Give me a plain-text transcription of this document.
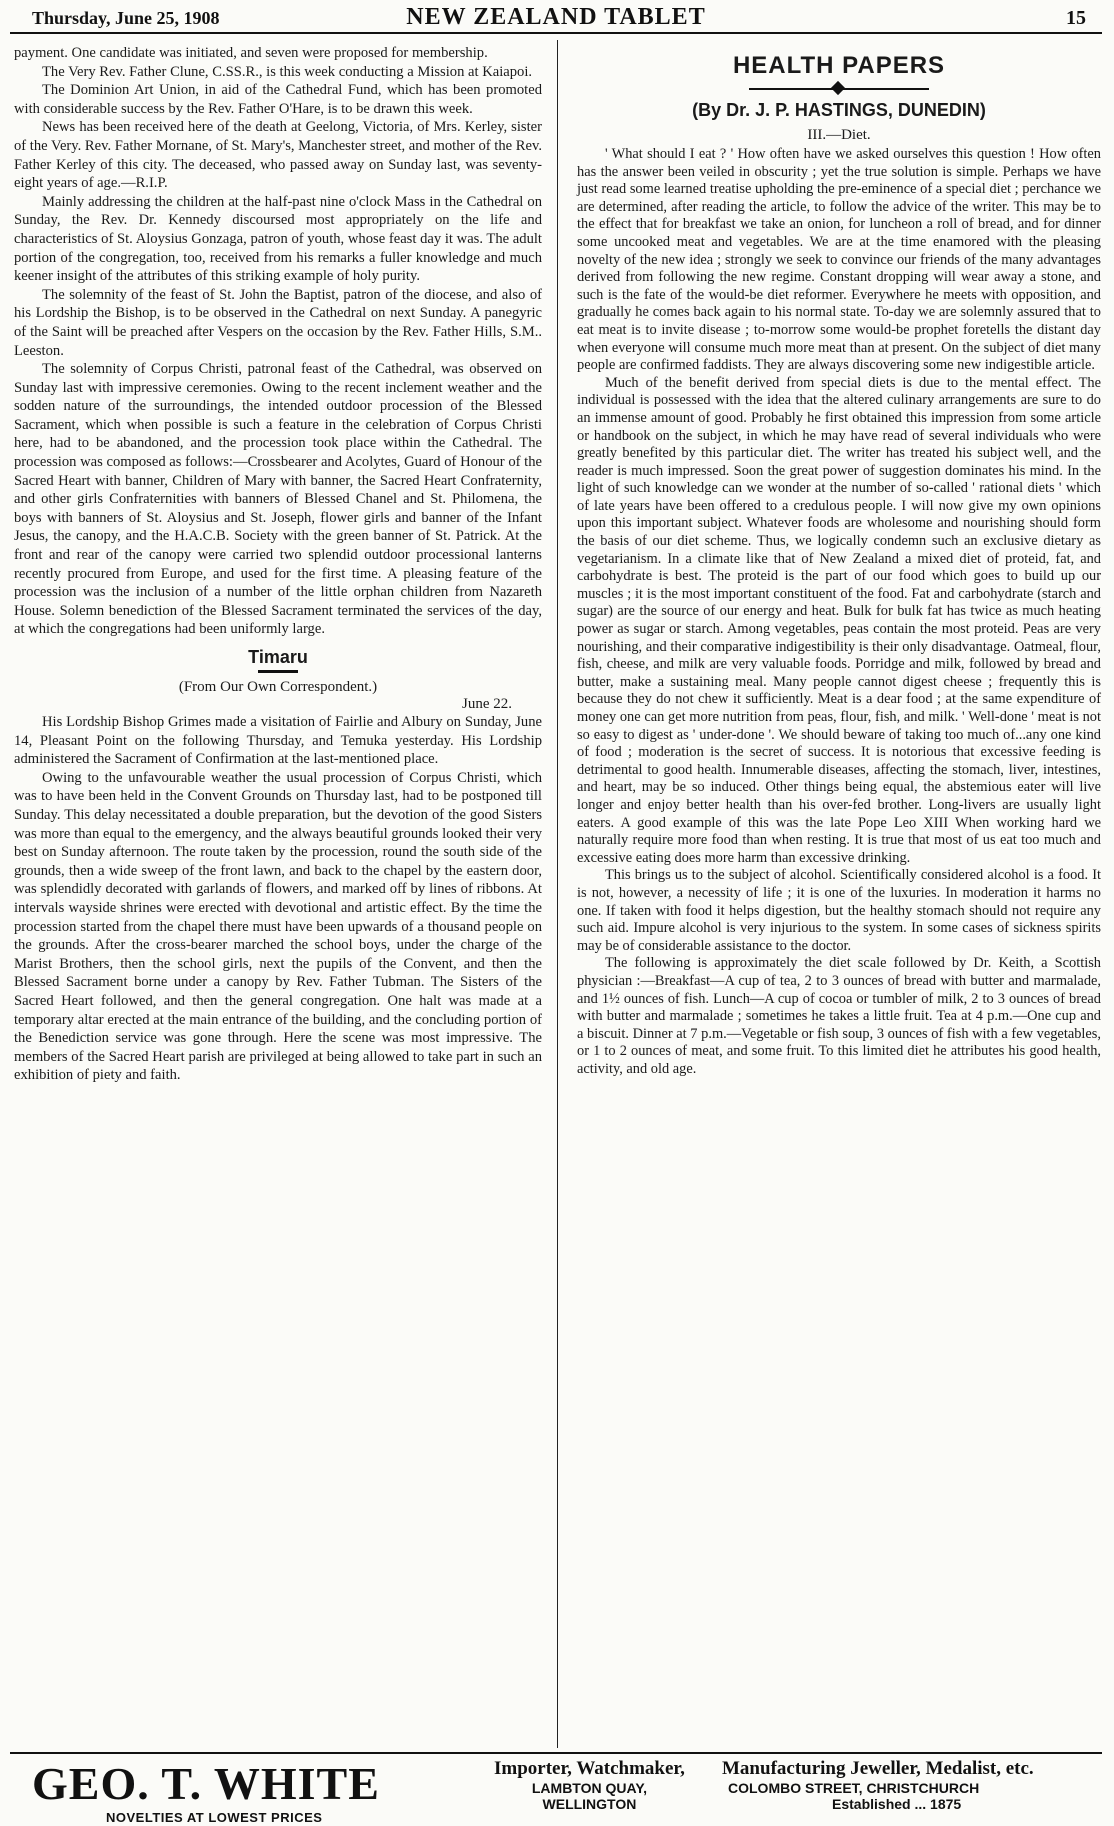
Thursday, June 25, 1908	NEW ZEALAND TABLET	15

payment. One candidate was initiated, and seven were proposed for membership.

The Very Rev. Father Clune, C.SS.R., is this week conducting a Mission at Kaiapoi.

The Dominion Art Union, in aid of the Cathedral Fund, which has been promoted with considerable success by the Rev. Father O'Hare, is to be drawn this week.

News has been received here of the death at Geelong, Victoria, of Mrs. Kerley, sister of the Very. Rev. Father Mornane, of St. Mary's, Manchester street, and mother of the Rev. Father Kerley of this city. The deceased, who passed away on Sunday last, was seventy-eight years of age.—R.I.P.

Mainly addressing the children at the half-past nine o'clock Mass in the Cathedral on Sunday, the Rev. Dr. Kennedy discoursed most appropriately on the life and characteristics of St. Aloysius Gonzaga, patron of youth, whose feast day it was. The adult portion of the congregation, too, received from his remarks a fuller knowledge and much keener insight of the attributes of this striking example of holy purity.

The solemnity of the feast of St. John the Baptist, patron of the diocese, and also of his Lordship the Bishop, is to be observed in the Cathedral on next Sunday. A panegyric of the Saint will be preached after Vespers on the occasion by the Rev. Father Hills, S.M.. Leeston.

The solemnity of Corpus Christi, patronal feast of the Cathedral, was observed on Sunday last with impressive ceremonies. Owing to the recent inclement weather and the sodden nature of the surroundings, the intended outdoor procession of the Blessed Sacrament, which when possible is such a feature in the celebration of Corpus Christi here, had to be abandoned, and the procession took place within the Cathedral. The procession was composed as follows:—Crossbearer and Acolytes, Guard of Honour of the Sacred Heart with banner, Children of Mary with banner, the Sacred Heart Confraternity, and other girls Confraternities with banners of Blessed Chanel and St. Philomena, the boys with banners of St. Aloysius and St. Joseph, flower girls and banner of the Infant Jesus, the canopy, and the H.A.C.B. Society with the green banner of St. Patrick. At the front and rear of the canopy were carried two splendid outdoor processional lanterns recently procured from Europe, and used for the first time. A pleasing feature of the procession was the inclusion of a number of the little orphan children from Nazareth House. Solemn benediction of the Blessed Sacrament terminated the services of the day, at which the congregations had been uniformly large.

Timaru
(From Our Own Correspondent.)
June 22.

His Lordship Bishop Grimes made a visitation of Fairlie and Albury on Sunday, June 14, Pleasant Point on the following Thursday, and Temuka yesterday. His Lordship administered the Sacrament of Confirmation at the last-mentioned place.

Owing to the unfavourable weather the usual procession of Corpus Christi, which was to have been held in the Convent Grounds on Thursday last, had to be postponed till Sunday. This delay necessitated a double preparation, but the devotion of the good Sisters was more than equal to the emergency, and the always beautiful grounds looked their very best on Sunday afternoon. The route taken by the procession, round the south side of the grounds, then a wide sweep of the front lawn, and back to the chapel by the eastern door, was splendidly decorated with garlands of flowers, and marked off by lines of ribbons. At intervals wayside shrines were erected with devotional and artistic effect. By the time the procession started from the chapel there must have been upwards of a thousand people on the grounds. After the cross-bearer marched the school boys, under the charge of the Marist Brothers, then the school girls, next the pupils of the Convent, and then the Blessed Sacrament borne under a canopy by Rev. Father Tubman. The Sisters of the Sacred Heart followed, and then the general congregation. One halt was made at a temporary altar erected at the main entrance of the building, and the concluding portion of the Benediction service was gone through. Here the scene was most impressive. The members of the Sacred Heart parish are privileged at being allowed to take part in such an exhibition of piety and faith.

HEALTH PAPERS
(By Dr. J. P. HASTINGS, DUNEDIN)
III.—Diet.

' What should I eat ? ' How often have we asked ourselves this question ! How often has the answer been veiled in obscurity ; yet the true solution is simple. Perhaps we have just read some learned treatise upholding the pre-eminence of a special diet ; perchance we are determined, after reading the article, to follow the advice of the writer. This may be to the effect that for breakfast we take an onion, for luncheon a roll of bread, and for dinner some uncooked meat and vegetables. We are at the time enamored with the pleasing novelty of the new idea ; strongly we seek to convince our friends of the many advantages derived from following the new regime. Constant dropping will wear away a stone, and such is the fate of the would-be diet reformer. Everywhere he meets with opposition, and gradually he comes back again to his normal state. To-day we are solemnly assured that to eat meat is to invite disease ; to-morrow some would-be prophet foretells the distant day when everyone will consume much more meat than at present. On the subject of diet many people are confirmed faddists. They are always discovering some new indigestible article.

Much of the benefit derived from special diets is due to the mental effect. The individual is possessed with the idea that the altered culinary arrangements are sure to do an immense amount of good. Probably he first obtained this impression from some article or handbook on the subject, in which he may have read of several individuals who were greatly benefited by this particular diet. The writer has treated his subject well, and the reader is much impressed. Soon the great power of suggestion dominates his mind. In the light of such knowledge can we wonder at the number of so-called ' rational diets ' which of late years have been offered to a credulous people. I will now give my own opinions upon this important subject. Whatever foods are wholesome and nourishing should form the basis of our diet scheme. Thus, we logically condemn such an exclusive dietary as vegetarianism. In a climate like that of New Zealand a mixed diet of proteid, fat, and carbohydrate is best. The proteid is the part of our food which goes to build up our muscles ; it is the most important constituent of the food. Fat and carbohydrate (starch and sugar) are the source of our energy and heat. Bulk for bulk fat has twice as much heating power as sugar or starch. Among vegetables, peas contain the most proteid. Peas are very nourishing, and their comparative indigestibility is their only disadvantage. Oatmeal, flour, fish, cheese, and milk are very valuable foods. Porridge and milk, followed by bread and butter, make a sustaining meal. Many people cannot digest cheese ; frequently this is because they do not chew it sufficiently. Meat is a dear food ; at the same expenditure of money one can get more nutrition from peas, flour, fish, and milk. ' Well-done ' meat is not so easy to digest as ' under-done '. We should beware of taking too much of...any one kind of food ; moderation is the secret of success. It is notorious that excessive feeding is detrimental to good health. Innumerable diseases, affecting the stomach, liver, intestines, and heart, may be so induced. Other things being equal, the abstemious eater will live longer and enjoy better health than his over-fed brother. Long-livers are usually light eaters. A good example of this was the late Pope Leo XIII When working hard we naturally require more food than when resting. It is true that most of us eat too much and excessive eating does more harm than excessive drinking.

This brings us to the subject of alcohol. Scientifically considered alcohol is a food. It is not, however, a necessity of life ; it is one of the luxuries. In moderation it harms no one. If taken with food it helps digestion, but the healthy stomach should not require any such aid. Impure alcohol is very injurious to the system. In some cases of sickness spirits may be of considerable assistance to the doctor.

The following is approximately the diet scale followed by Dr. Keith, a Scottish physician :—Breakfast—A cup of tea, 2 to 3 ounces of bread with butter and marmalade, and 1½ ounces of fish. Lunch—A cup of cocoa or tumbler of milk, 2 to 3 ounces of bread with butter and marmalade ; sometimes he takes a little fruit. Tea at 4 p.m.—One cup and a biscuit. Dinner at 7 p.m.—Vegetable or fish soup, 3 ounces of fish with a few vegetables, or 1 to 2 ounces of meat, and some fruit. To this limited diet he attributes his good health, activity, and old age.

GEO. T. WHITE
NOVELTIES AT LOWEST PRICES
Importer, Watchmaker,
LAMBTON QUAY,
WELLINGTON
Manufacturing Jeweller, Medalist, etc.
COLOMBO STREET, CHRISTCHURCH
Established ... 1875
